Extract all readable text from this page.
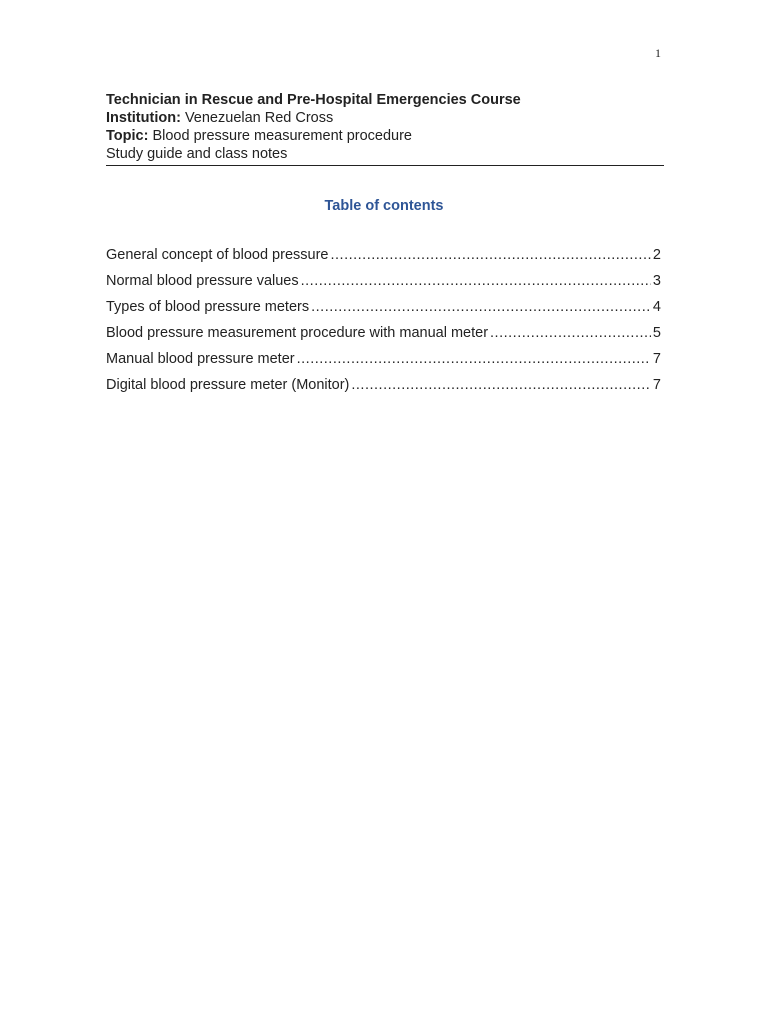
1
Technician in Rescue and Pre-Hospital Emergencies Course
Institution: Venezuelan Red Cross
Topic: Blood pressure measurement procedure
Study guide and class notes
Table of contents
General concept of blood pressure .....	2
Normal blood pressure values .....	3
Types of blood pressure meters .....	4
Blood pressure measurement procedure with manual meter .....	5
Manual blood pressure meter .....	7
Digital blood pressure meter (Monitor) .....	7
